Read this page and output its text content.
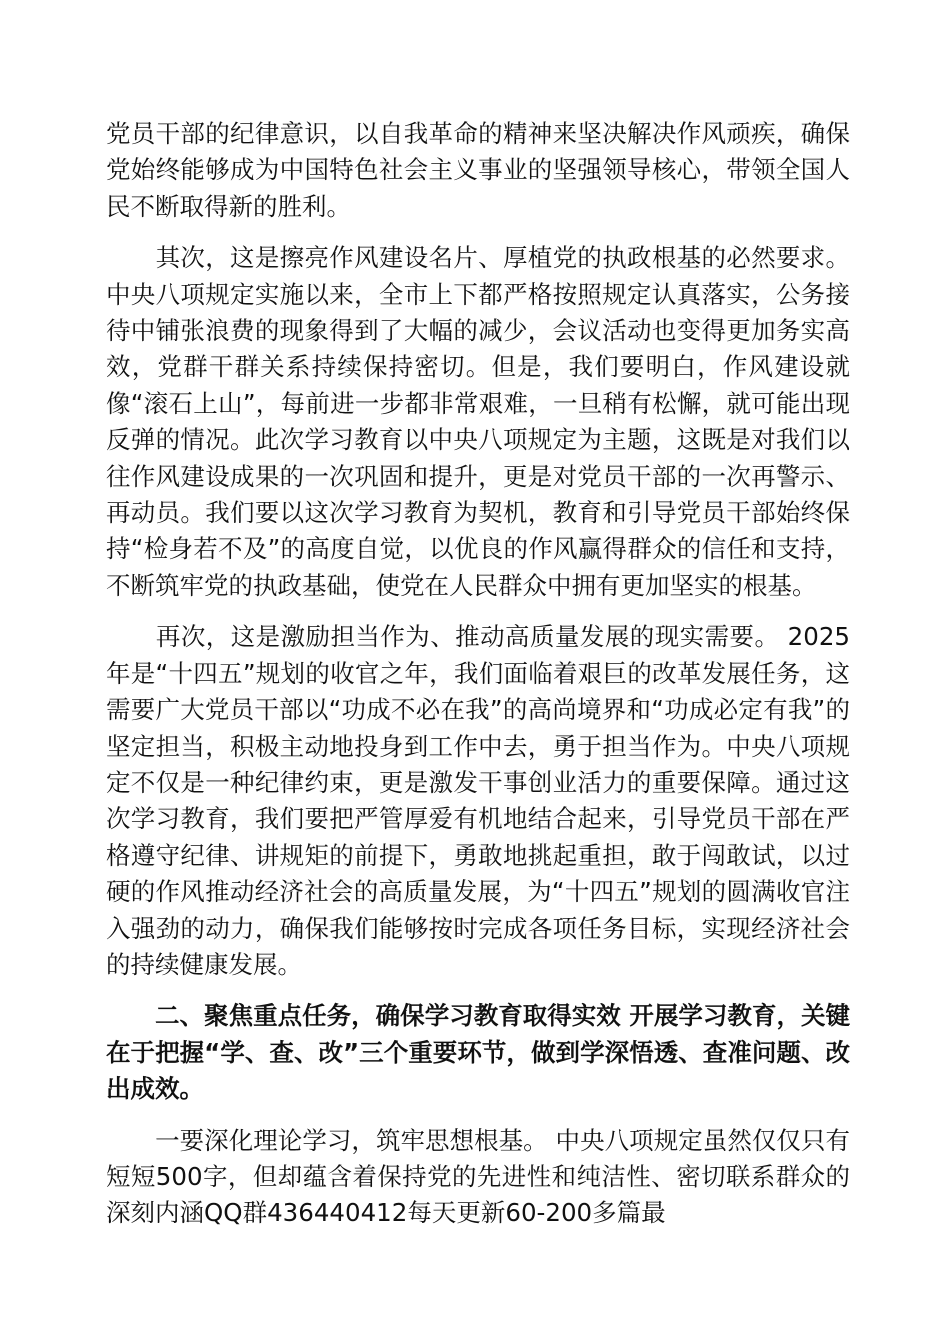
党员干部的纪律意识，以自我革命的精神来坚决解决作风顽疾，确保党始终能够成为中国特色社会主义事业的坚强领导核心，带领全国人民不断取得新的胜利。

　　其次，这是擦亮作风建设名片、厚植党的执政根基的必然要求。 中央八项规定实施以来，全市上下都严格按照规定认真落实，公务接待中铺张浪费的现象得到了大幅的减少，会议活动也变得更加务实高效，党群干群关系持续保持密切。但是，我们要明白，作风建设就像“滚石上山”，每前进一步都非常艰难，一旦稍有松懈，就可能出现反弹的情况。此次学习教育以中央八项规定为主题，这既是对我们以往作风建设成果的一次巩固和提升，更是对党员干部的一次再警示、再动员。我们要以这次学习教育为契机，教育和引导党员干部始终保持“检身若不及”的高度自觉，以优良的作风赢得群众的信任和支持，不断筑牢党的执政基础，使党在人民群众中拥有更加坚实的根基。

　　再次，这是激励担当作为、推动高质量发展的现实需要。 2025年是“十四五”规划的收官之年，我们面临着艰巨的改革发展任务，这需要广大党员干部以“功成不必在我”的高尚境界和“功成必定有我”的坚定担当，积极主动地投身到工作中去，勇于担当作为。中央八项规定不仅是一种纪律约束，更是激发干事创业活力的重要保障。通过这次学习教育，我们要把严管厚爱有机地结合起来，引导党员干部在严格遵守纪律、讲规矩的前提下，勇敢地挑起重担，敢于闯敢试，以过硬的作风推动经济社会的高质量发展，为“十四五”规划的圆满收官注入强劲的动力，确保我们能够按时完成各项任务目标，实现经济社会的持续健康发展。

　　二、聚焦重点任务，确保学习教育取得实效 开展学习教育，关键在于把握“学、查、改”三个重要环节，做到学深悟透、查准问题、改出成效。

　　一要深化理论学习，筑牢思想根基。 中央八项规定虽然仅仅只有短短500字，但却蕴含着保持党的先进性和纯洁性、密切联系群众的深刻内涵QQ群436440412每天更新60-200多篇最
